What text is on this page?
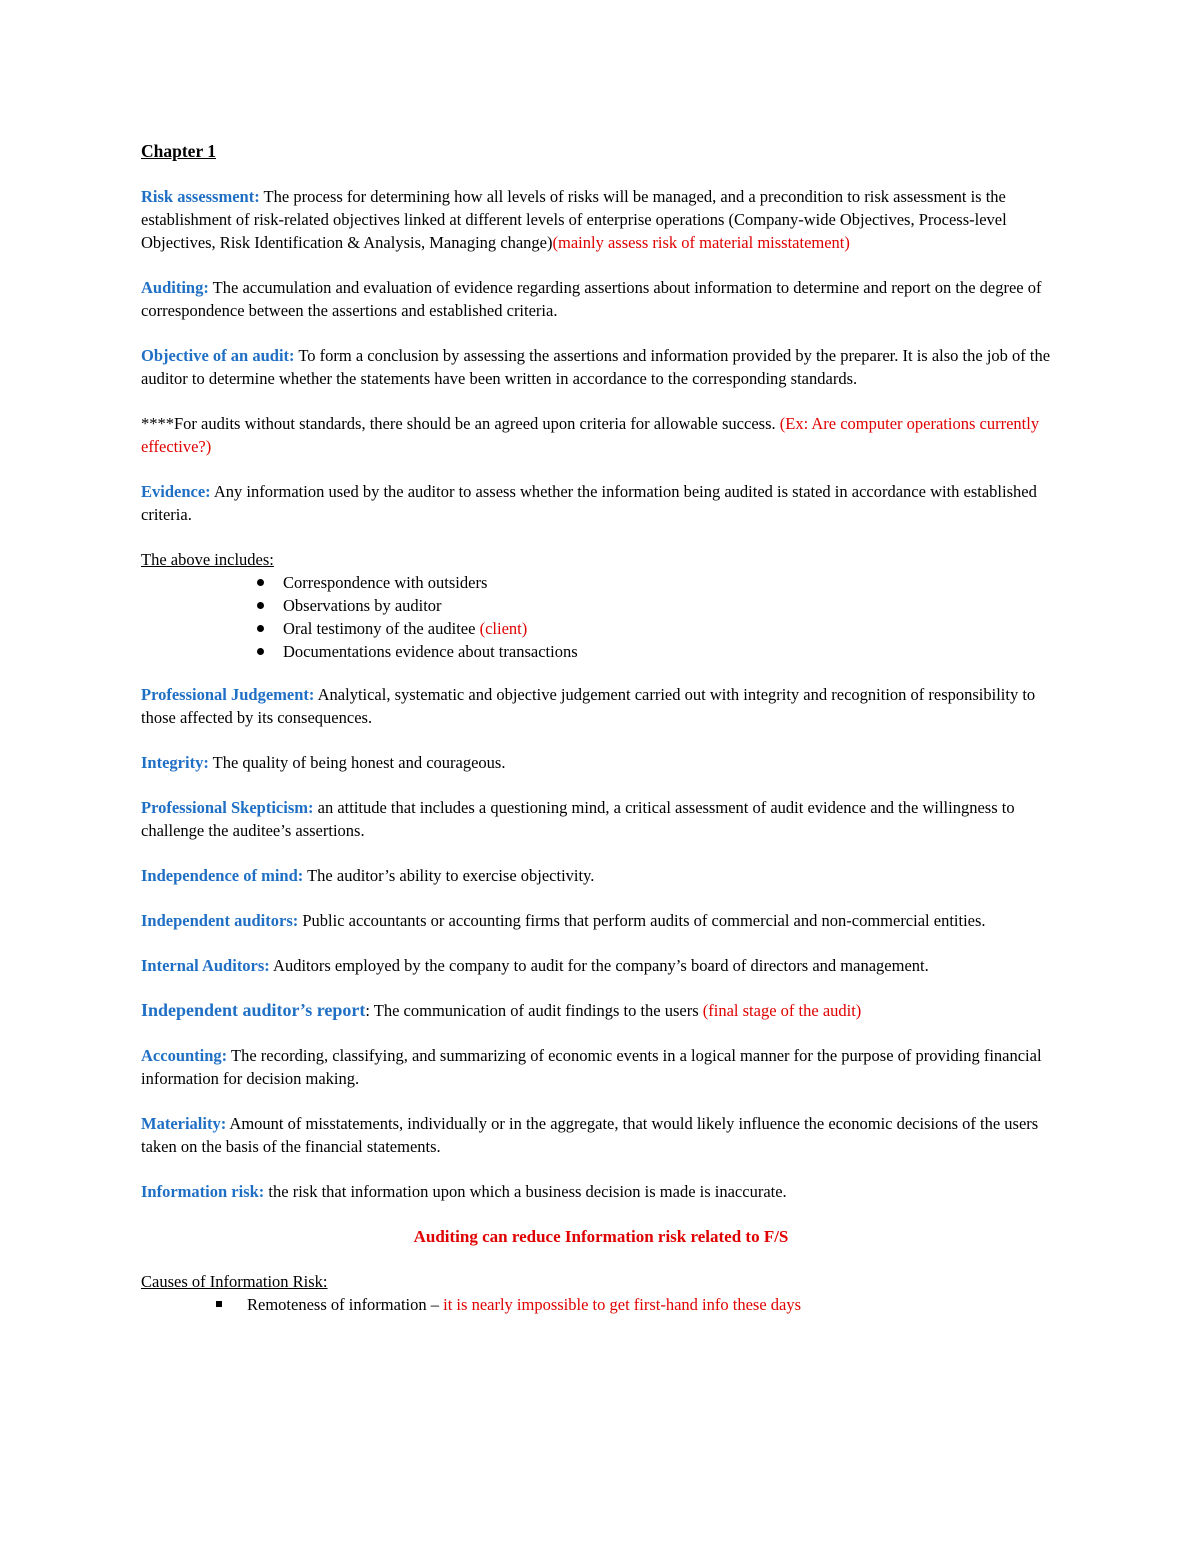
Chapter 1

Risk assessment: The process for determining how all levels of risks will be managed, and a precondition to risk assessment is the establishment of risk-related objectives linked at different levels of enterprise operations (Company-wide Objectives, Process-level Objectives, Risk Identification & Analysis, Managing change)(mainly assess risk of material misstatement)

Auditing: The accumulation and evaluation of evidence regarding assertions about information to determine and report on the degree of correspondence between the assertions and established criteria.

Objective of an audit: To form a conclusion by assessing the assertions and information provided by the preparer. It is also the job of the auditor to determine whether the statements have been written in accordance to the corresponding standards.

****For audits without standards, there should be an agreed upon criteria for allowable success. (Ex: Are computer operations currently effective?)

Evidence: Any information used by the auditor to assess whether the information being audited is stated in accordance with established criteria.

The above includes:

Correspondence with outsiders
Observations by auditor
Oral testimony of the auditee (client)
Documentations evidence about transactions

Professional Judgement: Analytical, systematic and objective judgement carried out with integrity and recognition of responsibility to those affected by its consequences.

Integrity: The quality of being honest and courageous.

Professional Skepticism: an attitude that includes a questioning mind, a critical assessment of audit evidence and the willingness to challenge the auditee’s assertions.

Independence of mind: The auditor’s ability to exercise objectivity.

Independent auditors: Public accountants or accounting firms that perform audits of commercial and non-commercial entities.

Internal Auditors: Auditors employed by the company to audit for the company’s board of directors and management.

Independent auditor’s report: The communication of audit findings to the users (final stage of the audit)

Accounting: The recording, classifying, and summarizing of economic events in a logical manner for the purpose of providing financial information for decision making.

Materiality: Amount of misstatements, individually or in the aggregate, that would likely influence the economic decisions of the users taken on the basis of the financial statements.

Information risk: the risk that information upon which a business decision is made is inaccurate.

Auditing can reduce Information risk related to F/S

Causes of Information Risk:

Remoteness of information – it is nearly impossible to get first-hand info these days
